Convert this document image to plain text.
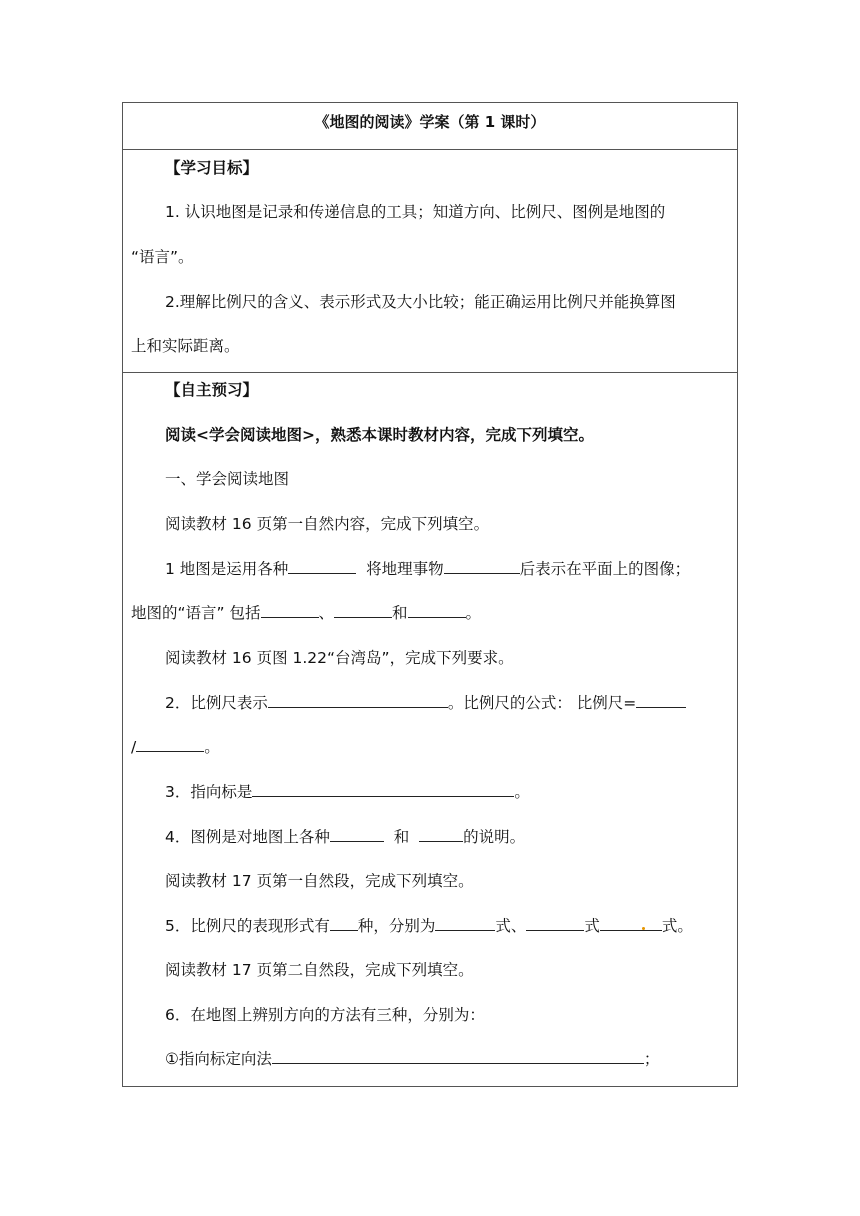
《地图的阅读》学案（第 1 课时）
【学习目标】
1. 认识地图是记录和传递信息的工具；知道方向、比例尺、图例是地图的
“语言”。
2.理解比例尺的含义、表示形式及大小比较；能正确运用比例尺并能换算图
上和实际距离。
【自主预习】
阅读<学会阅读地图>，熟悉本课时教材内容，完成下列填空。
一、学会阅读地图
阅读教材 16 页第一自然内容，完成下列填空。
1 地图是运用各种	将地理事物	后表示在平面上的图像；
地图的“语言” 包括	、	和	。
阅读教材 16 页图 1.22“台湾岛”，完成下列要求。
2．比例尺表示	。比例尺的公式： 比例尺=
/	。
3．指向标是	。
4．图例是对地图上各种	和	的说明。
阅读教材 17 页第一自然段，完成下列填空。
5．比例尺的表现形式有 种，分别为	式、	式	式。
阅读教材 17 页第二自然段，完成下列填空。
6．在地图上辨别方向的方法有三种，分别为：
①指向标定向法	；
